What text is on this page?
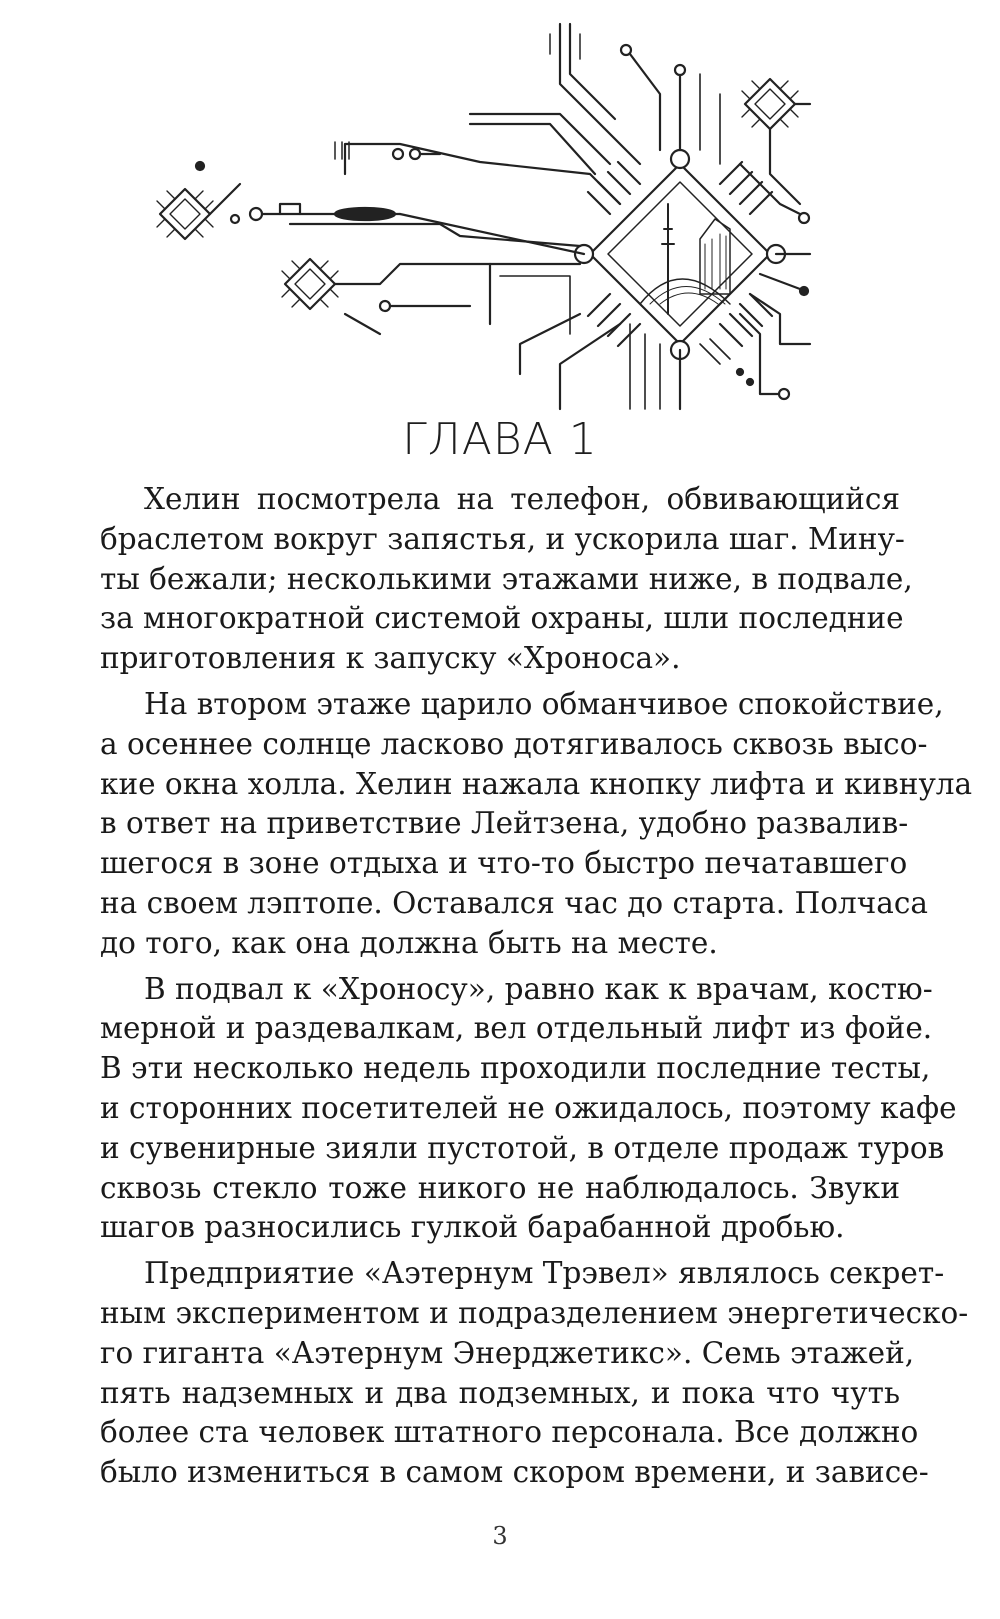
ГЛАВА 1
Хелин посмотрела на телефон, обвивающийся
браслетом вокруг запястья, и ускорила шаг. Мину-
ты бежали; несколькими этажами ниже, в подвале,
за многократной системой охраны, шли последние
приготовления к запуску «Хроноса».
На втором этаже царило обманчивое спокойствие,
а осеннее солнце ласково дотягивалось сквозь высо-
кие окна холла. Хелин нажала кнопку лифта и кивнула
в ответ на приветствие Лейтзена, удобно развалив-
шегося в зоне отдыха и что-то быстро печатавшего
на своем лэптопе. Оставался час до старта. Полчаса
до того, как она должна быть на месте.
В подвал к «Хроносу», равно как к врачам, костю-
мерной и раздевалкам, вел отдельный лифт из фойе.
В эти несколько недель проходили последние тесты,
и сторонних посетителей не ожидалось, поэтому кафе
и сувенирные зияли пустотой, в отделе продаж туров
сквозь стекло тоже никого не наблюдалось. Звуки
шагов разносились гулкой барабанной дробью.
Предприятие «Аэтернум Трэвел» являлось секрет-
ным экспериментом и подразделением энергетическо-
го гиганта «Аэтернум Энерджетикс». Семь этажей,
пять надземных и два подземных, и пока что чуть
более ста человек штатного персонала. Все должно
было измениться в самом скором времени, и зависе-
3
